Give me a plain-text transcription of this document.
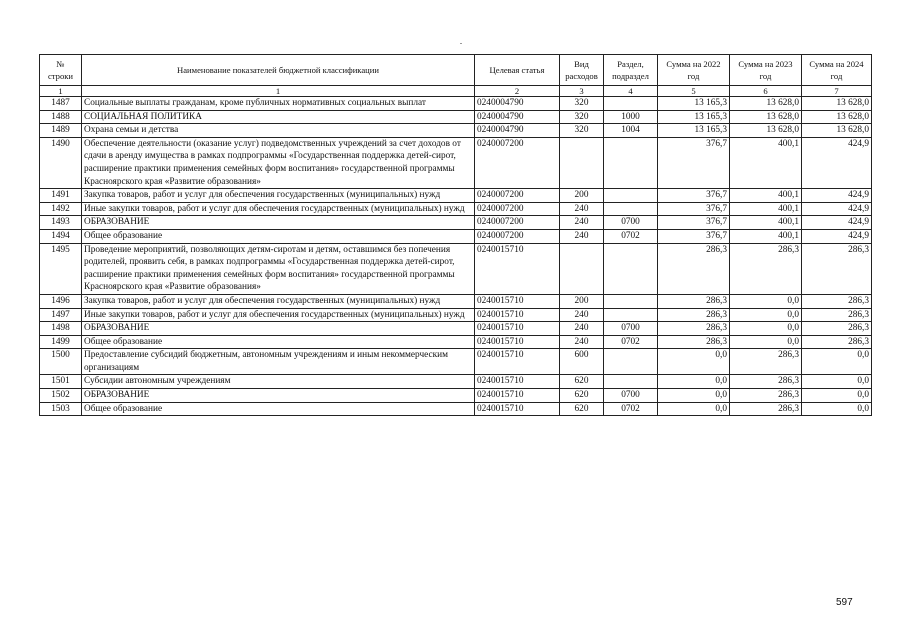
№
строки	Наименование показателей бюджетной классификации	Целевая статья	Вид расходов	Раздел, подраздел	Сумма на 2022 год	Сумма на 2023 год	Сумма на 2024 год
1	1	2	3	4	5	6	7
1487	Социальные выплаты гражданам, кроме публичных нормативных социальных выплат	0240004790	320		13 165,3	13 628,0	13 628,0
1488	СОЦИАЛЬНАЯ ПОЛИТИКА	0240004790	320	1000	13 165,3	13 628,0	13 628,0
1489	Охрана семьи и детства	0240004790	320	1004	13 165,3	13 628,0	13 628,0
1490	Обеспечение деятельности (оказание услуг) подведомственных учреждений за счет доходов от сдачи в аренду имущества в рамках подпрограммы «Государственная поддержка детей-сирот, расширение практики применения семейных форм воспитания» государственной программы Красноярского края «Развитие образования»	0240007200			376,7	400,1	424,9
1491	Закупка товаров, работ и услуг для обеспечения государственных (муниципальных) нужд	0240007200	200		376,7	400,1	424,9
1492	Иные закупки товаров, работ и услуг для обеспечения государственных (муниципальных) нужд	0240007200	240		376,7	400,1	424,9
1493	ОБРАЗОВАНИЕ	0240007200	240	0700	376,7	400,1	424,9
1494	Общее образование	0240007200	240	0702	376,7	400,1	424,9
1495	Проведение мероприятий, позволяющих детям-сиротам и детям, оставшимся без попечения родителей, проявить себя, в рамках подпрограммы «Государственная поддержка детей-сирот, расширение практики применения семейных форм воспитания» государственной программы Красноярского края «Развитие образования»	0240015710			286,3	286,3	286,3
1496	Закупка товаров, работ и услуг для обеспечения государственных (муниципальных) нужд	0240015710	200		286,3	0,0	286,3
1497	Иные закупки товаров, работ и услуг для обеспечения государственных (муниципальных) нужд	0240015710	240		286,3	0,0	286,3
1498	ОБРАЗОВАНИЕ	0240015710	240	0700	286,3	0,0	286,3
1499	Общее образование	0240015710	240	0702	286,3	0,0	286,3
1500	Предоставление субсидий бюджетным, автономным учреждениям и иным некоммерческим организациям	0240015710	600		0,0	286,3	0,0
1501	Субсидии автономным учреждениям	0240015710	620		0,0	286,3	0,0
1502	ОБРАЗОВАНИЕ	0240015710	620	0700	0,0	286,3	0,0
1503	Общее образование	0240015710	620	0702	0,0	286,3	0,0
597
